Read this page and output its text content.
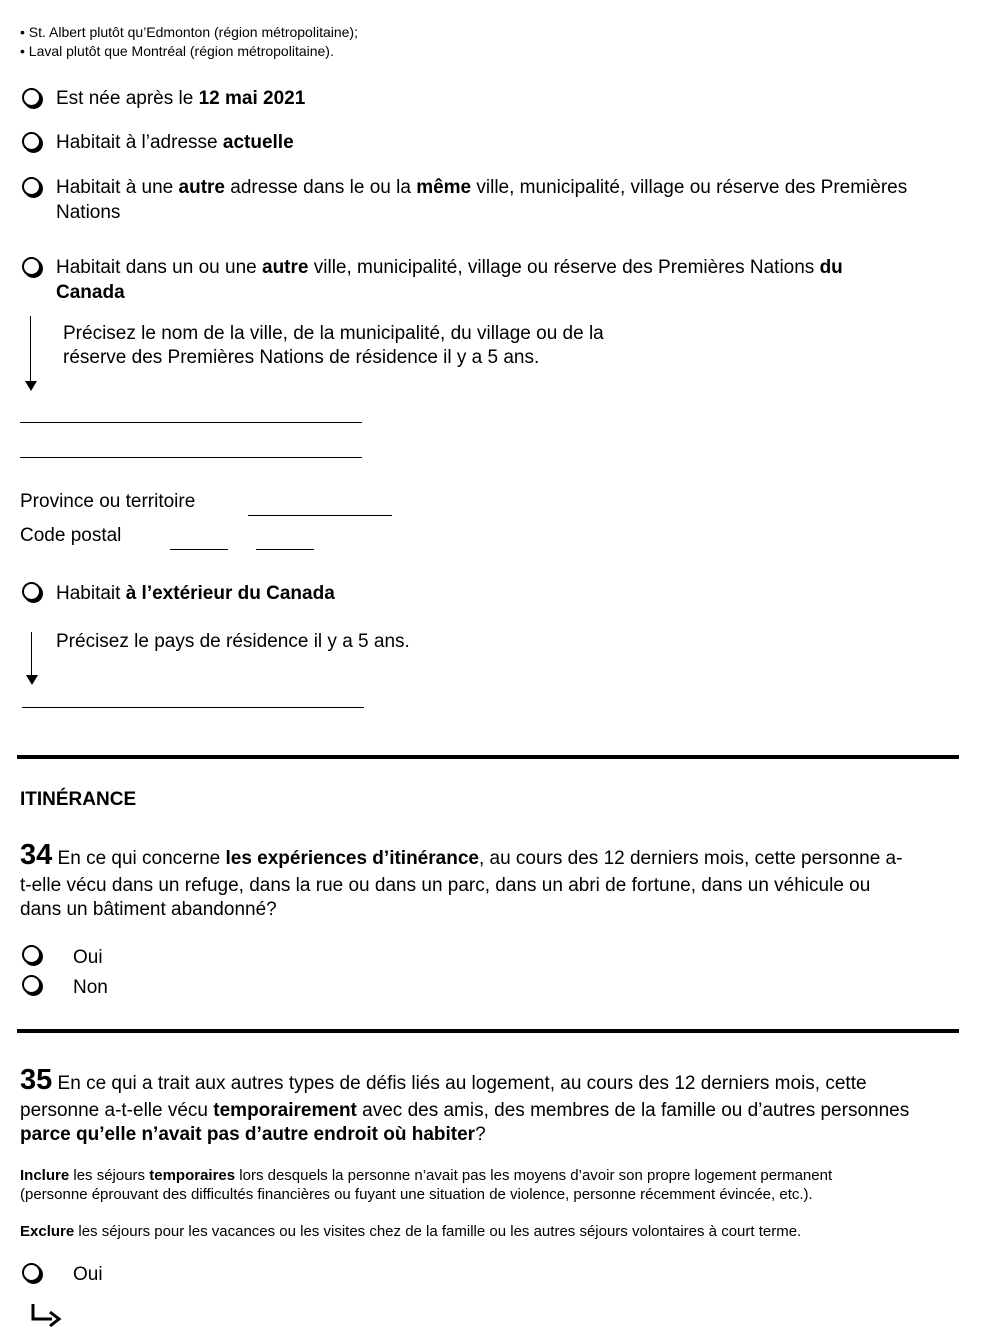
• St. Albert plutôt qu’Edmonton (région métropolitaine);
• Laval plutôt que Montréal (région métropolitaine).
Est née après le 12 mai 2021
Habitait à l’adresse actuelle
Habitait à une autre adresse dans le ou la même ville, municipalité, village ou réserve des Premières
Nations
Habitait dans un ou une autre ville, municipalité, village ou réserve des Premières Nations du
Canada
Précisez le nom de la ville, de la municipalité, du village ou de la
réserve des Premières Nations de résidence il y a 5 ans.
Province ou territoire
Code postal
Habitait à l’extérieur du Canada
Précisez le pays de résidence il y a 5 ans.
ITINÉRANCE
34 En ce qui concerne les expériences d’itinérance, au cours des 12 derniers mois, cette personne a-
t-elle vécu dans un refuge, dans la rue ou dans un parc, dans un abri de fortune, dans un véhicule ou
dans un bâtiment abandonné?
Oui
Non
35 En ce qui a trait aux autres types de défis liés au logement, au cours des 12 derniers mois, cette
personne a-t-elle vécu temporairement avec des amis, des membres de la famille ou d’autres personnes
parce qu’elle n’avait pas d’autre endroit où habiter?
Inclure les séjours temporaires lors desquels la personne n’avait pas les moyens d’avoir son propre logement permanent
(personne éprouvant des difficultés financières ou fuyant une situation de violence, personne récemment évincée, etc.).
Exclure les séjours pour les vacances ou les visites chez de la famille ou les autres séjours volontaires à court terme.
Oui
